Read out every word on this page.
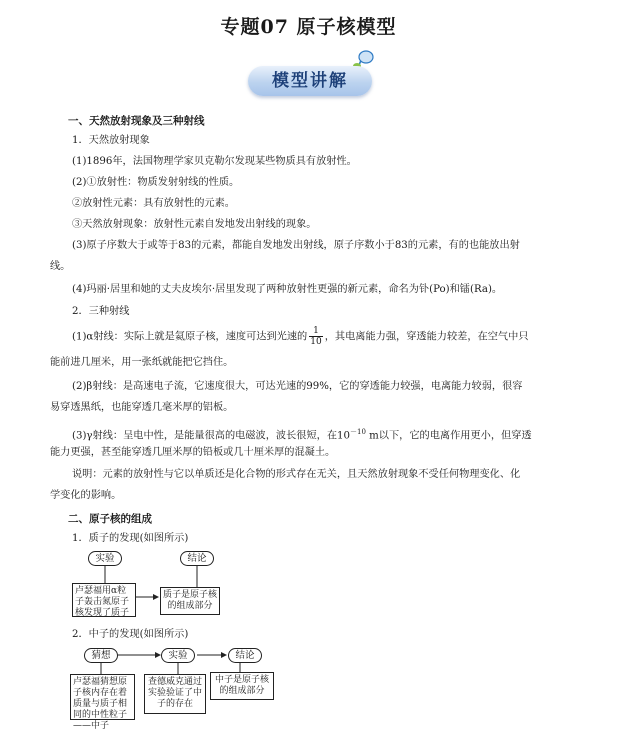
专题07 原子核模型
模型讲解
一、天然放射现象及三种射线
1．天然放射现象
(1)1896年，法国物理学家贝克勒尔发现某些物质具有放射性。
(2)①放射性：物质发射射线的性质。
②放射性元素：具有放射性的元素。
③天然放射现象：放射性元素自发地发出射线的现象。
(3)原子序数大于或等于83的元素，都能自发地发出射线，原子序数小于83的元素，有的也能放出射
线。
(4)玛丽·居里和她的丈夫皮埃尔·居里发现了两种放射性更强的新元素，命名为钋(Po)和镭(Ra)。
2．三种射线
(1)α射线：实际上就是氦原子核，速度可达到光速的 $\frac{1}{10}$ ，其电离能力强，穿透能力较差，在空气中只
能前进几厘米，用一张纸就能把它挡住。
(2)β射线：是高速电子流，它速度很大，可达光速的99%，它的穿透能力较强，电离能力较弱，很容
易穿透黑纸，也能穿透几毫米厚的铝板。
(3)γ射线：呈电中性，是能量很高的电磁波，波长很短，在$10^{-10}$ m以下，它的电离作用更小，但穿透
能力更强，甚至能穿透几厘米厚的铅板或几十厘米厚的混凝土。
说明：元素的放射性与它以单质还是化合物的形式存在无关，且天然放射现象不受任何物理变化、化
学变化的影响。
二、原子核的组成
1．质子的发现(如图所示)
实验	结论
卢瑟福用α粒子轰击氮原子核发现了质子
质子是原子核的组成部分
2．中子的发现(如图所示)
猜想	实验	结论
卢瑟福猜想原子核内存在着质量与质子相同的中性粒子——中子
查德威克通过实验验证了中子的存在
中子是原子核的组成部分
